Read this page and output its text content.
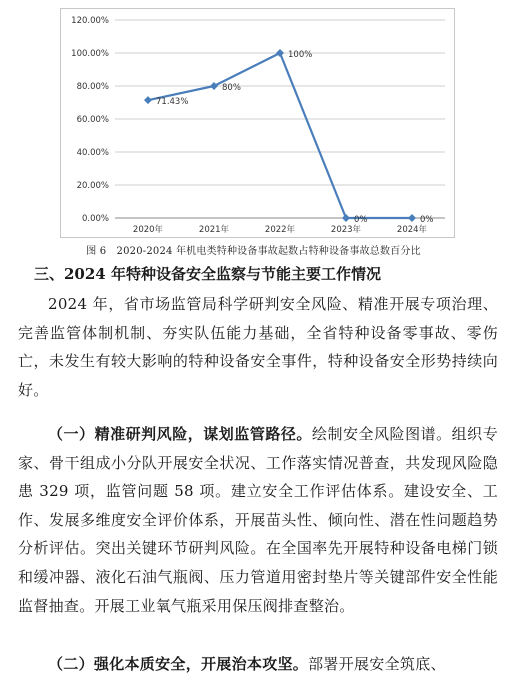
0.00%
20.00%
40.00%
60.00%
80.00%
100.00%
120.00%
2020年	2021年	2022年	2023年	2024年
71.43%
80%
100%
0%	0%
图 6　2020-2024 年机电类特种设备事故起数占特种设备事故总数百分比
三、2024 年特种设备安全监察与节能主要工作情况
2024 年，省市场监管局科学研判安全风险、精准开展专项治理、完善监管体制机制、夯实队伍能力基础，全省特种设备零事故、零伤亡，未发生有较大影响的特种设备安全事件，特种设备安全形势持续向好。
（一）精准研判风险，谋划监管路径。绘制安全风险图谱。组织专家、骨干组成小分队开展安全状况、工作落实情况普查，共发现风险隐患 329 项，监管问题 58 项。建立安全工作评估体系。建设安全、工作、发展多维度安全评价体系，开展苗头性、倾向性、潜在性问题趋势分析评估。突出关键环节研判风险。在全国率先开展特种设备电梯门锁和缓冲器、液化石油气瓶阀、压力管道用密封垫片等关键部件安全性能监督抽查。开展工业氧气瓶采用保压阀排查整治。
（二）强化本质安全，开展治本攻坚。部署开展安全筑底、
